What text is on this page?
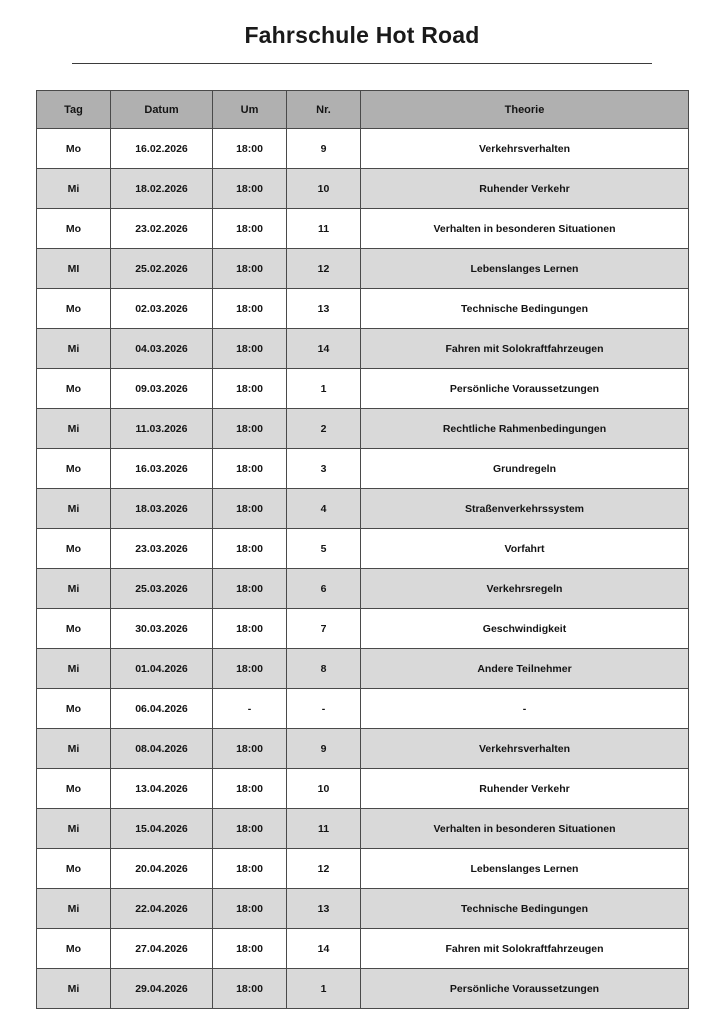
Fahrschule Hot Road
Tag	Datum	Um	Nr.	Theorie
Mo	16.02.2026	18:00	9	Verkehrsverhalten
Mi	18.02.2026	18:00	10	Ruhender Verkehr
Mo	23.02.2026	18:00	11	Verhalten in besonderen Situationen
MI	25.02.2026	18:00	12	Lebenslanges Lernen
Mo	02.03.2026	18:00	13	Technische Bedingungen
Mi	04.03.2026	18:00	14	Fahren mit Solokraftfahrzeugen
Mo	09.03.2026	18:00	1	Persönliche Voraussetzungen
Mi	11.03.2026	18:00	2	Rechtliche Rahmenbedingungen
Mo	16.03.2026	18:00	3	Grundregeln
Mi	18.03.2026	18:00	4	Straßenverkehrssystem
Mo	23.03.2026	18:00	5	Vorfahrt
Mi	25.03.2026	18:00	6	Verkehrsregeln
Mo	30.03.2026	18:00	7	Geschwindigkeit
Mi	01.04.2026	18:00	8	Andere Teilnehmer
Mo	06.04.2026	-	-	-
Mi	08.04.2026	18:00	9	Verkehrsverhalten
Mo	13.04.2026	18:00	10	Ruhender Verkehr
Mi	15.04.2026	18:00	11	Verhalten in besonderen Situationen
Mo	20.04.2026	18:00	12	Lebenslanges Lernen
Mi	22.04.2026	18:00	13	Technische Bedingungen
Mo	27.04.2026	18:00	14	Fahren mit Solokraftfahrzeugen
Mi	29.04.2026	18:00	1	Persönliche Voraussetzungen
